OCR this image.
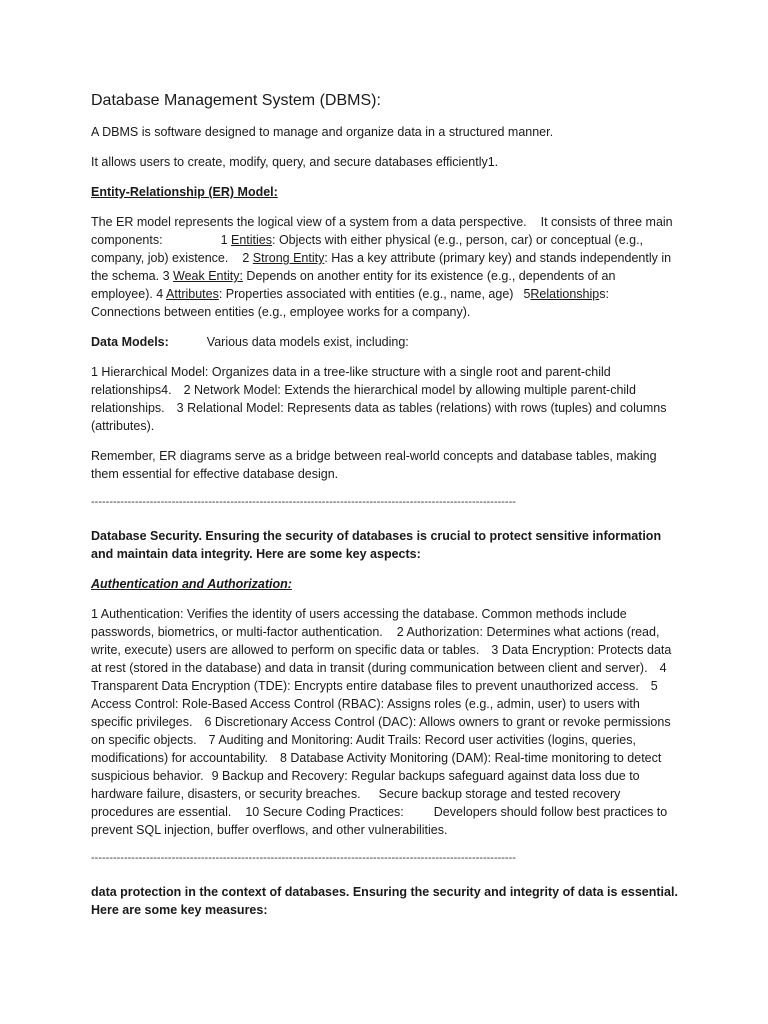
Database Management System (DBMS):

A DBMS is software designed to manage and organize data in a structured manner.

It allows users to create, modify, query, and secure databases efficiently1.

Entity-Relationship (ER) Model:

The ER model represents the logical view of a system from a data perspective. It consists of three main components:	1 Entities: Objects with either physical (e.g., person, car) or conceptual (e.g., company, job) existence. 2 Strong Entity: Has a key attribute (primary key) and stands independently in the schema. 3 Weak Entity: Depends on another entity for its existence (e.g., dependents of an employee). 4 Attributes: Properties associated with entities (e.g., name, age) 5Relationships: Connections between entities (e.g., employee works for a company).

Data Models:	Various data models exist, including:

1 Hierarchical Model: Organizes data in a tree-like structure with a single root and parent-child relationships4. 2 Network Model: Extends the hierarchical model by allowing multiple parent-child relationships. 3 Relational Model: Represents data as tables (relations) with rows (tuples) and columns (attributes).

Remember, ER diagrams serve as a bridge between real-world concepts and database tables, making them essential for effective database design.

--------------------------------------------------------------------------------------------------------------------

Database Security. Ensuring the security of databases is crucial to protect sensitive information and maintain data integrity. Here are some key aspects:

Authentication and Authorization:

1 Authentication: Verifies the identity of users accessing the database. Common methods include passwords, biometrics, or multi-factor authentication. 2 Authorization: Determines what actions (read, write, execute) users are allowed to perform on specific data or tables. 3 Data Encryption: Protects data at rest (stored in the database) and data in transit (during communication between client and server). 4 Transparent Data Encryption (TDE): Encrypts entire database files to prevent unauthorized access. 5 Access Control: Role-Based Access Control (RBAC): Assigns roles (e.g., admin, user) to users with specific privileges. 6 Discretionary Access Control (DAC): Allows owners to grant or revoke permissions on specific objects. 7 Auditing and Monitoring: Audit Trails: Record user activities (logins, queries, modifications) for accountability. 8 Database Activity Monitoring (DAM): Real-time monitoring to detect suspicious behavior. 9 Backup and Recovery: Regular backups safeguard against data loss due to hardware failure, disasters, or security breaches. Secure backup storage and tested recovery procedures are essential. 10 Secure Coding Practices: Developers should follow best practices to prevent SQL injection, buffer overflows, and other vulnerabilities.

--------------------------------------------------------------------------------------------------------------------

data protection in the context of databases. Ensuring the security and integrity of data is essential. Here are some key measures:
